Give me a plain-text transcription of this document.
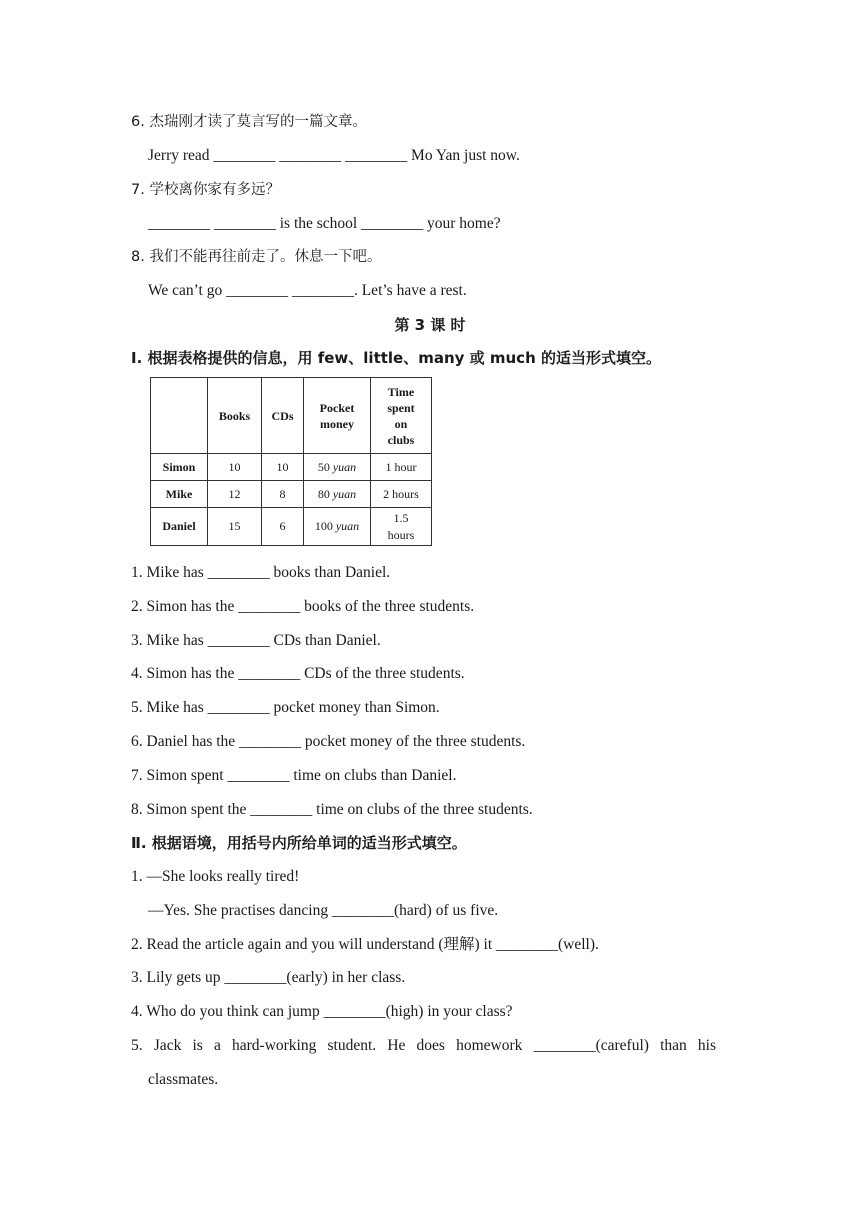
6. 杰瑞刚才读了莫言写的一篇文章。
Jerry read ________ ________ ________ Mo Yan just now.
7. 学校离你家有多远？
________ ________ is the school ________ your home?
8. 我们不能再往前走了。休息一下吧。
We can’t go ________ ________. Let’s have a rest.
第 3 课 时
Ⅰ. 根据表格提供的信息，用 few、little、many 或 much 的适当形式填空。
	Books	CDs	Pocket money	Time spent on clubs
Simon	10	10	50 yuan	1 hour
Mike	12	8	80 yuan	2 hours
Daniel	15	6	100 yuan	1.5 hours
1. Mike has ________ books than Daniel.
2. Simon has the ________ books of the three students.
3. Mike has ________ CDs than Daniel.
4. Simon has the ________ CDs of the three students.
5. Mike has ________ pocket money than Simon.
6. Daniel has the ________ pocket money of the three students.
7. Simon spent ________ time on clubs than Daniel.
8. Simon spent the ________ time on clubs of the three students.
Ⅱ. 根据语境，用括号内所给单词的适当形式填空。
1. —She looks really tired!
—Yes. She practises dancing ________(hard) of us five.
2. Read the article again and you will understand (理解) it ________(well).
3. Lily gets up ________(early) in her class.
4. Who do you think can jump ________(high) in your class?
5. Jack is a hard-working student. He does homework ________(careful) than his
classmates.
